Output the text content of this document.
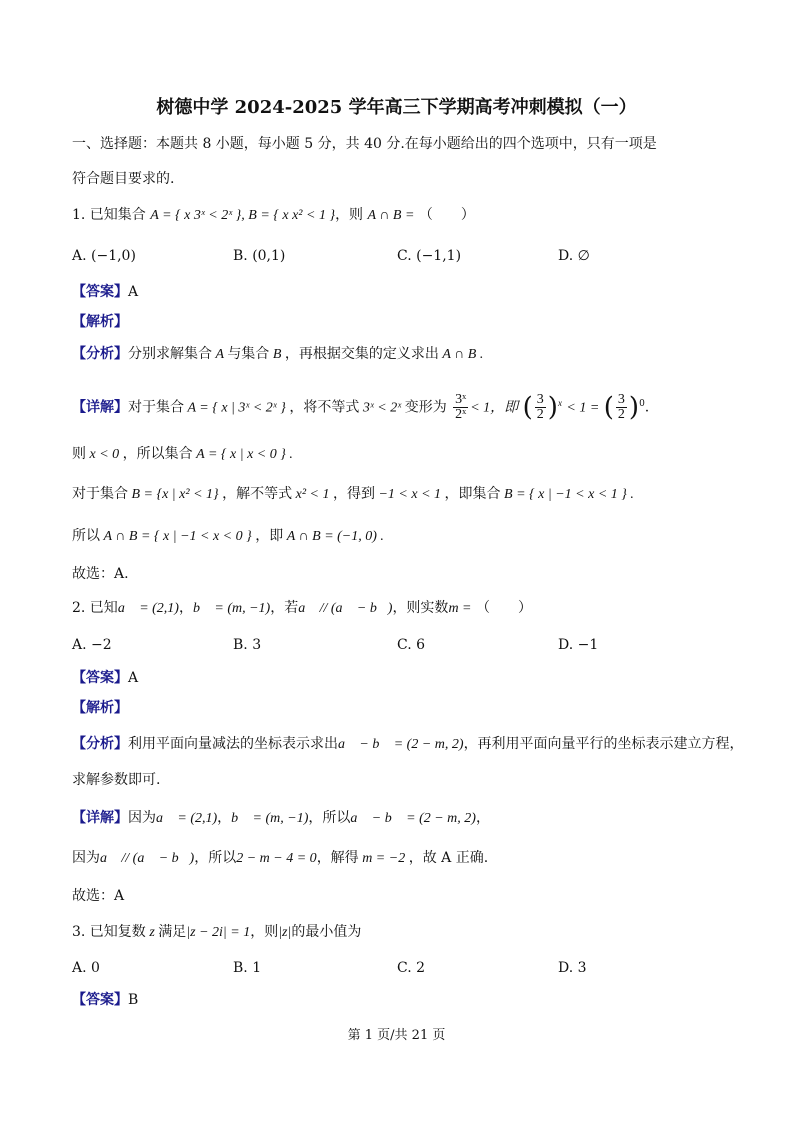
树德中学 2024-2025 学年高三下学期高考冲刺模拟（一）
一、选择题：本题共 8 小题，每小题 5 分，共 40 分.在每小题给出的四个选项中，只有一项是
符合题目要求的.
1. 已知集合 A = { x 3ˣ < 2ˣ }, B = { x x² < 1 }，则 A ∩ B = （　　）
A. (−1,0)	B. (0,1)	C. (−1,1)	D. ∅
【答案】A
【解析】
【分析】分别求解集合 A 与集合 B ，再根据交集的定义求出 A ∩ B .
【详解】对于集合 A = { x | 3ˣ < 2ˣ } ，将不等式 3ˣ < 2ˣ 变形为 $\frac{\text{3ˣ}}{\text{2ˣ}} < 1$，即 ( $\frac{3}{2} )^x < 1$ = ( $\frac{3}{2} )^0$.
则 x < 0 ，所以集合 A = { x | x < 0 } .
对于集合 B = {x | x² < 1} ，解不等式 x² < 1 ，得到 −1 < x < 1 ，即集合 B = { x | −1 < x < 1 } .
所以 A ∩ B = { x | −1 < x < 0 } ，即 A ∩ B = (−1, 0) .
故选：A.
2. 已知a⃗ = (2,1)，b⃗ = (m, −1)，若a⃗ // (a⃗ − b⃗)，则实数m = （　　）
A. −2	B. 3	C. 6	D. −1
【答案】A
【解析】
【分析】利用平面向量减法的坐标表示求出a⃗ − b⃗ = (2 − m, 2)，再利用平面向量平行的坐标表示建立方程，
求解参数即可.
【详解】因为a⃗ = (2,1)，b⃗ = (m, −1)，所以a⃗ − b⃗ = (2 − m, 2)，
因为a⃗ // (a⃗ − b⃗)，所以2 − m − 4 = 0，解得 m = −2 ，故 A 正确.
故选：A
3. 已知复数 z 满足|z − 2i| = 1，则|z|的最小值为
A. 0	B. 1	C. 2	D. 3
【答案】B
第 1 页/共 21 页
